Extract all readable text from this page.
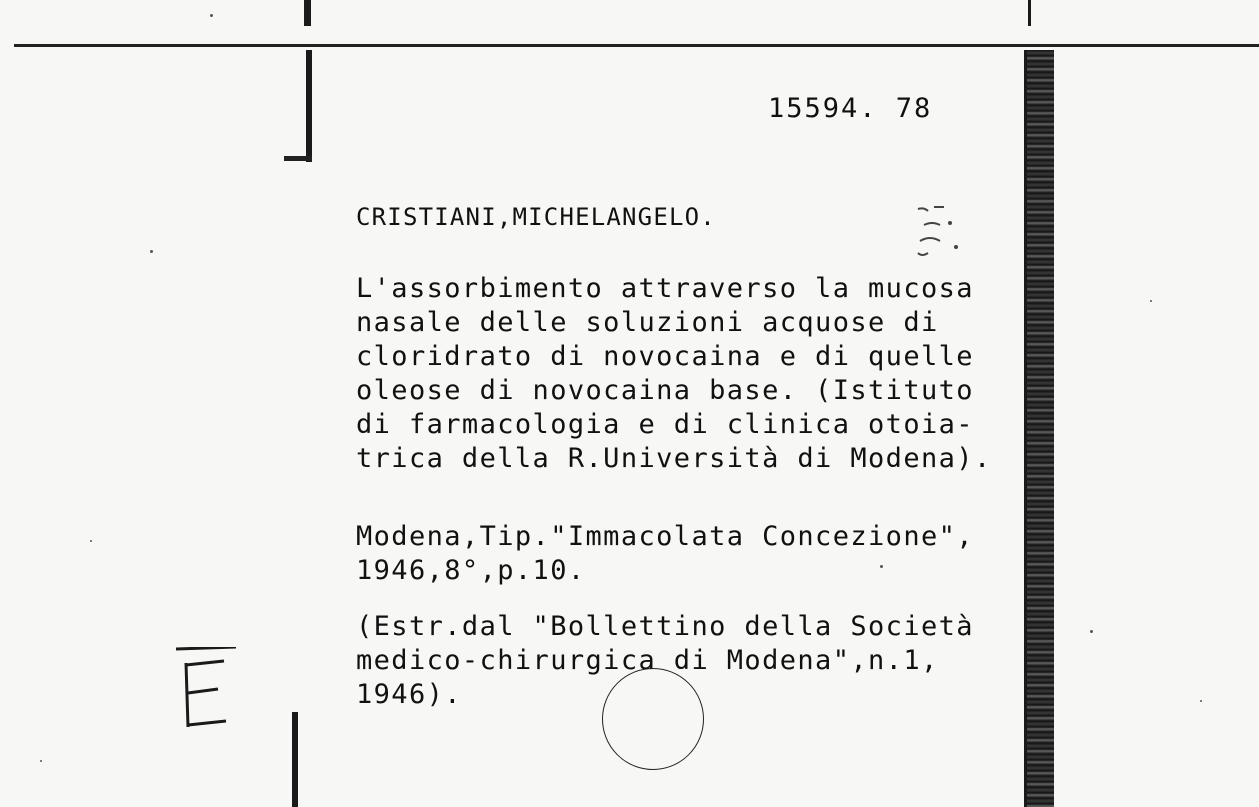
15594. 78
CRISTIANI,MICHELANGELO.
L'assorbimento attraverso la mucosa
nasale delle soluzioni acquose di
cloridrato di novocaina e di quelle
oleose di novocaina base. (Istituto
di farmacologia e di clinica otoia-
trica della R.Università di Modena).
Modena,Tip."Immacolata Concezione",
1946,8°,p.10.
(Estr.dal "Bollettino della Società
medico-chirurgica di Modena",n.1,
1946).
